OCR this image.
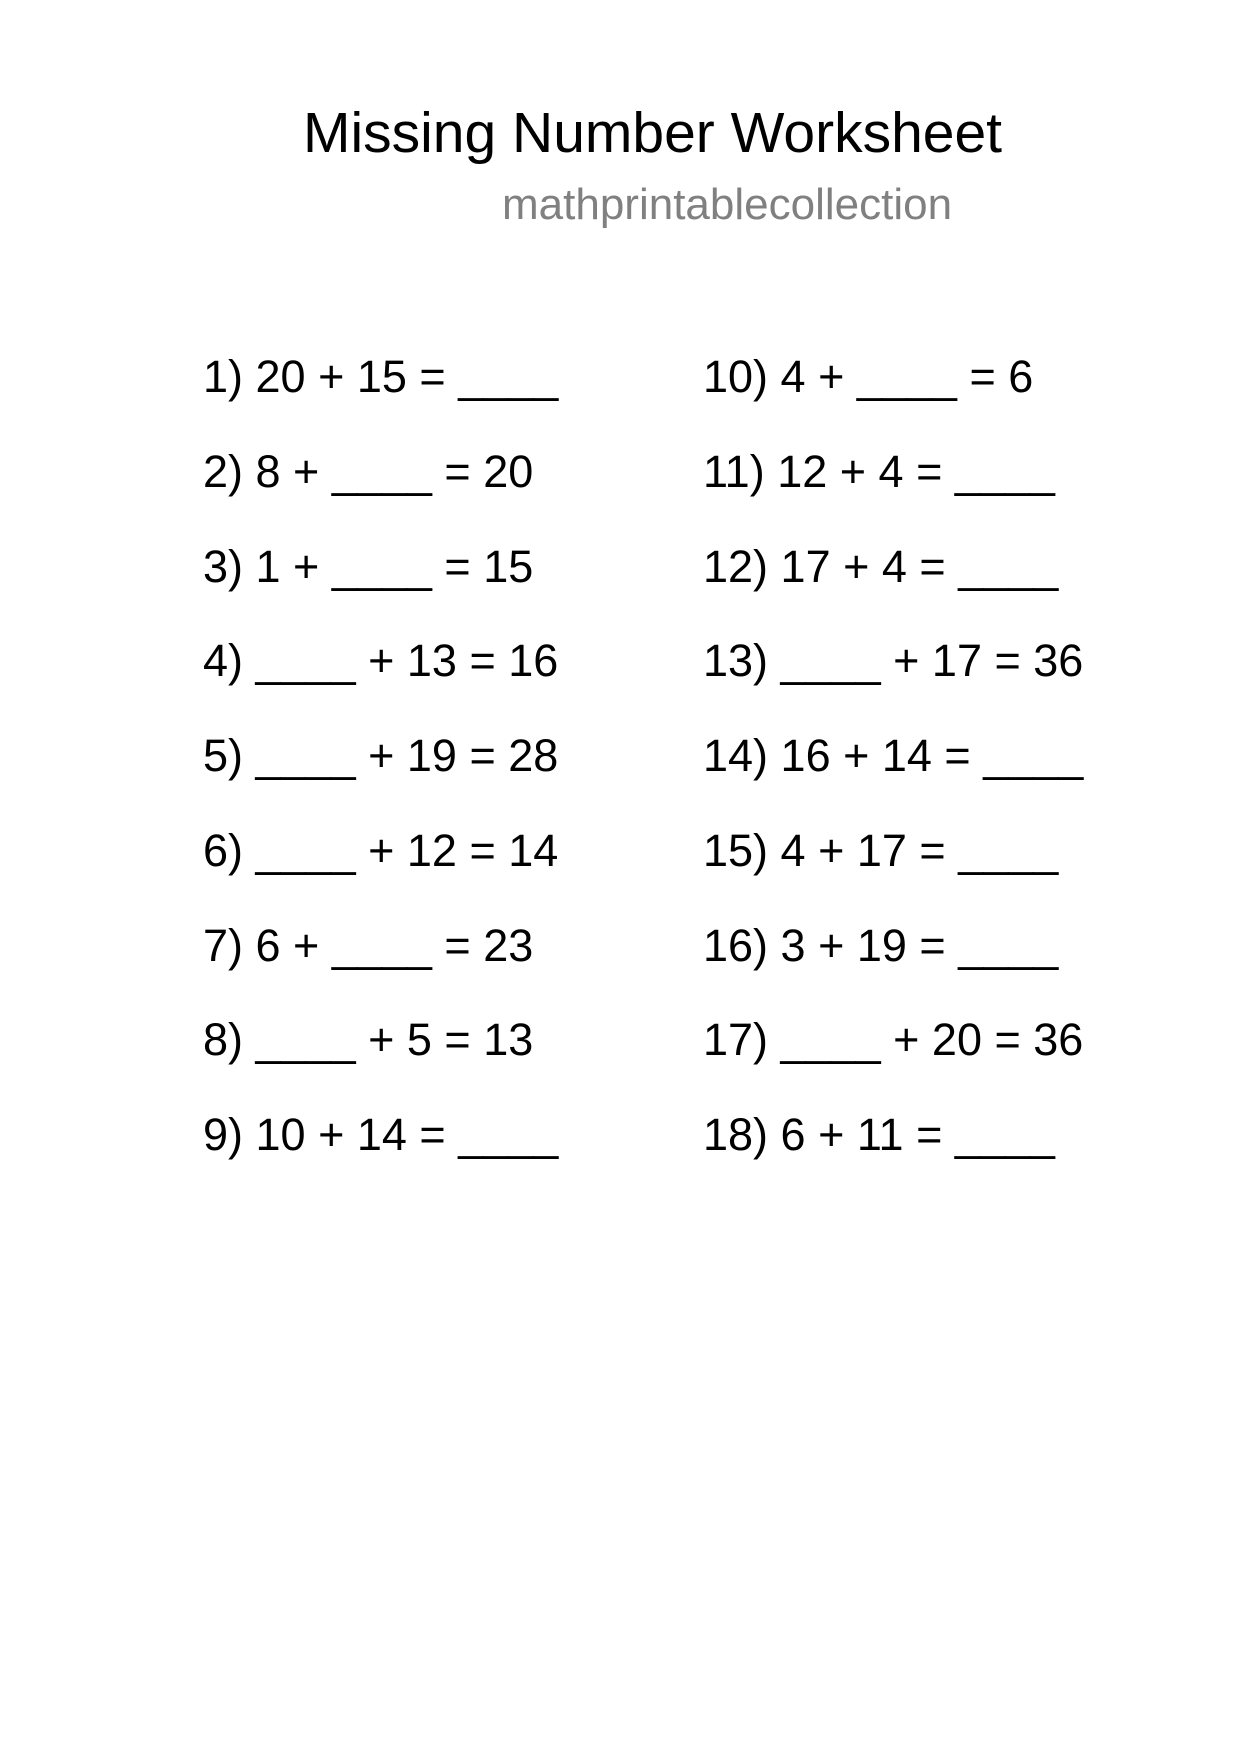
Missing Number Worksheet
mathprintablecollection
1) 20 + 15 = ____
2) 8 + ____ = 20
3) 1 + ____ = 15
4) ____ + 13 = 16
5) ____ + 19 = 28
6) ____ + 12 = 14
7) 6 + ____ = 23
8) ____ + 5 = 13
9) 10 + 14 = ____
10) 4 + ____ = 6
11) 12 + 4 = ____
12) 17 + 4 = ____
13) ____ + 17 = 36
14) 16 + 14 = ____
15) 4 + 17 = ____
16) 3 + 19 = ____
17) ____ + 20 = 36
18) 6 + 11 = ____
